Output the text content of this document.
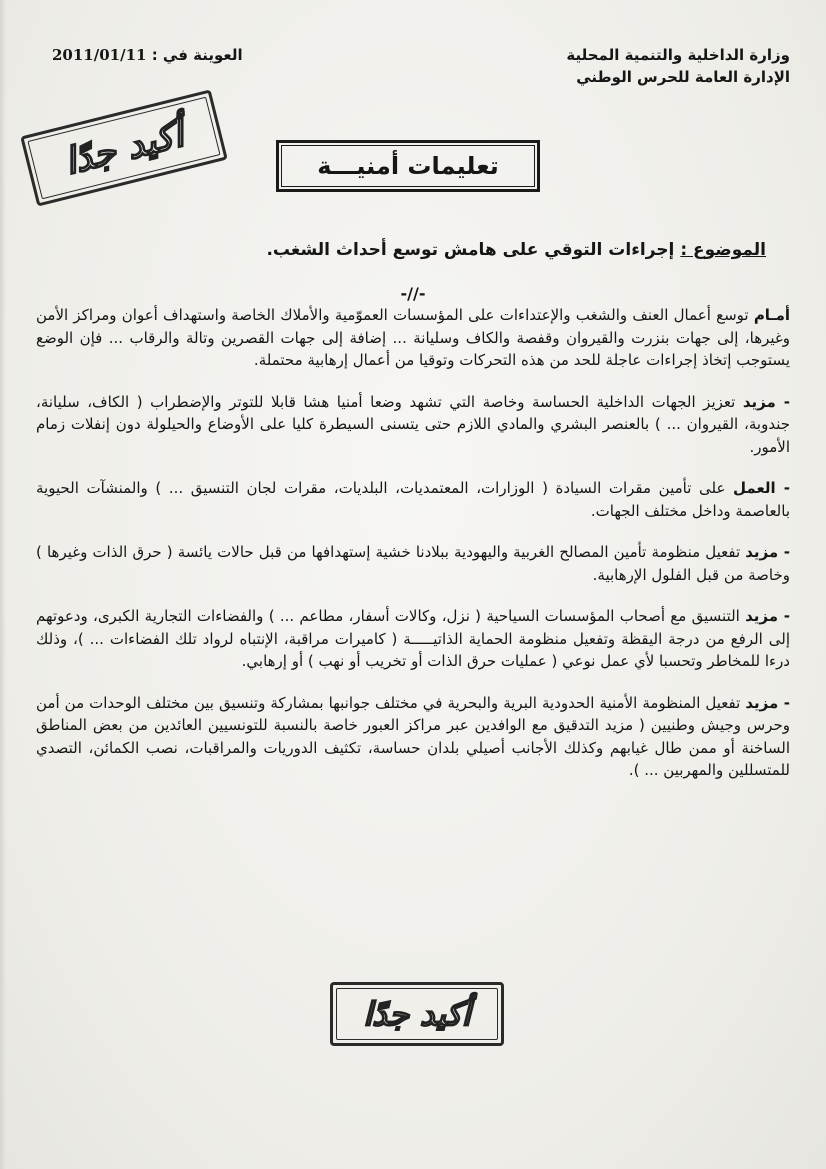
وزارة الداخلية والتنمية المحلية
الإدارة العامة للحرس الوطني
العوينة في : 2011/01/11
أكيد جدًا	تعليمات أمنيـــة
الموضوع : إجراءات التوقي على هامش توسع أحداث الشغب.
-//-

أمـام توسع أعمال العنف والشغب والإعتداءات على المؤسسات العموّمية والأملاك الخاصة واستهداف أعوان ومراكز الأمن وغيرها، إلى جهات بنزرت والقيروان وقفصة والكاف وسليانة ... إضافة إلى جهات القصرين وتالة والرقاب ... فإن الوضع يستوجب إتخاذ إجراءات عاجلة للحد من هذه التحركات وتوقيا من أعمال إرهابية محتملة.

- مزيد تعزيز الجهات الداخلية الحساسة وخاصة التي تشهد وضعا أمنيا هشا قابلا للتوتر والإضطراب ( الكاف، سليانة، جندوبة، القيروان ... ) بالعنصر البشري والمادي اللازم حتى يتسنى السيطرة كليا على الأوضاع والحيلولة دون إنفلات زمام الأمور.

- العمل على تأمين مقرات السيادة ( الوزارات، المعتمديات، البلديات، مقرات لجان التنسيق ... ) والمنشآت الحيوية بالعاصمة وداخل مختلف الجهات.

- مزيد تفعيل منظومة تأمين المصالح الغربية واليهودية ببلادنا خشية إستهدافها من قبل حالات يائسة ( حرق الذات وغيرها ) وخاصة من قبل الفلول الإرهابية.

- مزيد التنسيق مع أصحاب المؤسسات السياحية ( نزل، وكالات أسفار، مطاعم ... ) والفضاءات التجارية الكبرى، ودعوتهم إلى الرفع من درجة اليقظة وتفعيل منظومة الحماية الذاتيـــــة ( كاميرات مراقبة، الإنتباه لرواد تلك الفضاءات ... )، وذلك درءا للمخاطر وتحسبا لأي عمل نوعي ( عمليات حرق الذات أو تخريب أو نهب ) أو إرهابي.

- مزيد تفعيل المنظومة الأمنية الحدودية البرية والبحرية في مختلف جوانبها بمشاركة وتنسيق بين مختلف الوحدات من أمن وحرس وجيش وطنيين ( مزيد التدقيق مع الوافدين عبر مراكز العبور خاصة بالنسبة للتونسيين العائدين من بعض المناطق الساخنة أو ممن طال غيابهم وكذلك الأجانب أصيلي بلدان حساسة، تكثيف الدوريات والمراقبات، نصب الكمائن، التصدي للمتسللين والمهربين ... ).

أكيد جدًا
